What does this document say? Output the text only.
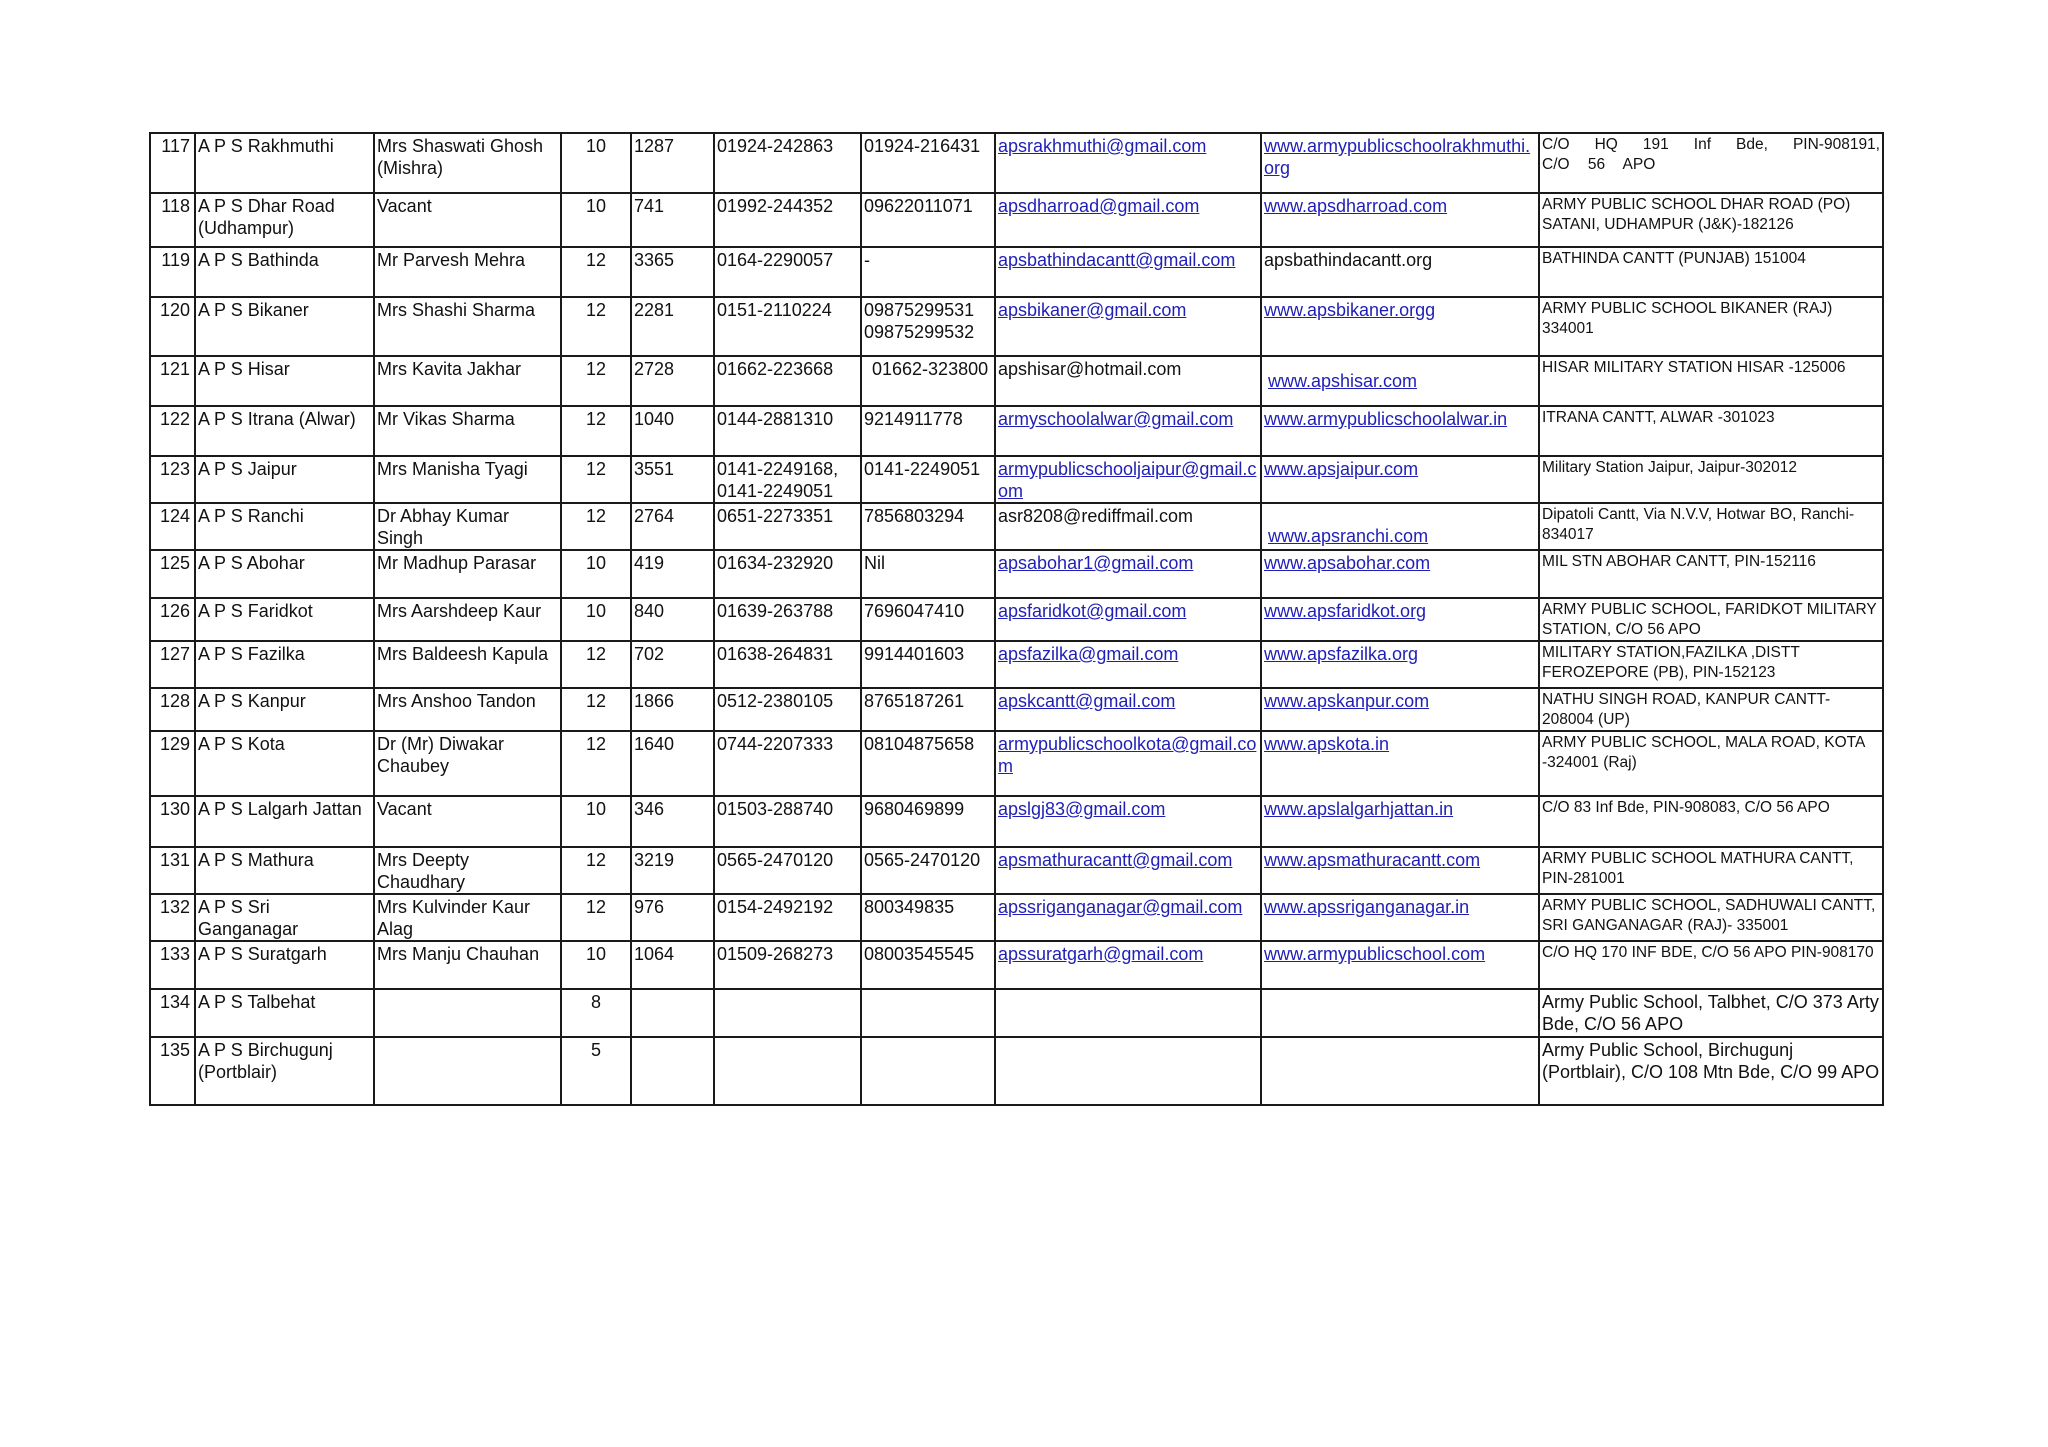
117	A P S Rakhmuthi	Mrs Shaswati Ghosh (Mishra)	10	1287	01924-242863	01924-216431	apsrakhmuthi@gmail.com	www.armypublicschoolrakhmuthi.org	C/O HQ 191 Inf Bde, PIN-908191, C/O 56 APO
118	A P S Dhar Road (Udhampur)	Vacant	10	741	01992-244352	09622011071	apsdharroad@gmail.com	www.apsdharroad.com	ARMY PUBLIC SCHOOL DHAR ROAD (PO) SATANI, UDHAMPUR (J&K)-182126
119	A P S Bathinda	Mr Parvesh Mehra	12	3365	0164-2290057	-	apsbathindacantt@gmail.com	apsbathindacantt.org	BATHINDA CANTT (PUNJAB) 151004
120	A P S Bikaner	Mrs Shashi Sharma	12	2281	0151-2110224	09875299531 09875299532	apsbikaner@gmail.com	www.apsbikaner.orgg	ARMY PUBLIC SCHOOL BIKANER (RAJ) 334001
121	A P S Hisar	Mrs Kavita Jakhar	12	2728	01662-223668	01662-323800	apshisar@hotmail.com	www.apshisar.com	HISAR MILITARY STATION HISAR -125006
122	A P S Itrana (Alwar)	Mr Vikas Sharma	12	1040	0144-2881310	9214911778	armyschoolalwar@gmail.com	www.armypublicschoolalwar.in	ITRANA CANTT, ALWAR -301023
123	A P S Jaipur	Mrs Manisha Tyagi	12	3551	0141-2249168, 0141-2249051	0141-2249051	armypublicschooljaipur@gmail.com	www.apsjaipur.com	Military Station Jaipur, Jaipur-302012
124	A P S Ranchi	Dr Abhay Kumar Singh	12	2764	0651-2273351	7856803294	asr8208@rediffmail.com	www.apsranchi.com	Dipatoli Cantt, Via N.V.V, Hotwar BO, Ranchi-834017
125	A P S Abohar	Mr Madhup Parasar	10	419	01634-232920	Nil	apsabohar1@gmail.com	www.apsabohar.com	MIL STN ABOHAR CANTT, PIN-152116
126	A P S Faridkot	Mrs Aarshdeep Kaur	10	840	01639-263788	7696047410	apsfaridkot@gmail.com	www.apsfaridkot.org	ARMY PUBLIC SCHOOL, FARIDKOT MILITARY STATION, C/O 56 APO
127	A P S Fazilka	Mrs Baldeesh Kapula	12	702	01638-264831	9914401603	apsfazilka@gmail.com	www.apsfazilka.org	MILITARY STATION,FAZILKA ,DISTT FEROZEPORE (PB), PIN-152123
128	A P S Kanpur	Mrs Anshoo Tandon	12	1866	0512-2380105	8765187261	apskcantt@gmail.com	www.apskanpur.com	NATHU SINGH ROAD, KANPUR CANTT-208004 (UP)
129	A P S Kota	Dr (Mr) Diwakar Chaubey	12	1640	0744-2207333	08104875658	armypublicschoolkota@gmail.com	www.apskota.in	ARMY PUBLIC SCHOOL, MALA ROAD, KOTA -324001 (Raj)
130	A P S Lalgarh Jattan	Vacant	10	346	01503-288740	9680469899	apslgj83@gmail.com	www.apslalgarhjattan.in	C/O 83 Inf Bde, PIN-908083, C/O 56 APO
131	A P S Mathura	Mrs Deepty Chaudhary	12	3219	0565-2470120	0565-2470120	apsmathuracantt@gmail.com	www.apsmathuracantt.com	ARMY PUBLIC SCHOOL MATHURA CANTT, PIN-281001
132	A P S Sri Ganganagar	Mrs Kulvinder Kaur Alag	12	976	0154-2492192	800349835	apssriganganagar@gmail.com	www.apssriganganagar.in	ARMY PUBLIC SCHOOL, SADHUWALI CANTT, SRI GANGANAGAR (RAJ)- 335001
133	A P S Suratgarh	Mrs Manju Chauhan	10	1064	01509-268273	08003545545	apssuratgarh@gmail.com	www.armypublicschool.com	C/O HQ 170 INF BDE, C/O 56 APO PIN-908170
134	A P S Talbehat		8						Army Public School, Talbhet, C/O 373 Arty Bde, C/O 56 APO
135	A P S Birchugunj (Portblair)		5						Army Public School, Birchugunj (Portblair), C/O 108 Mtn Bde, C/O 99 APO
